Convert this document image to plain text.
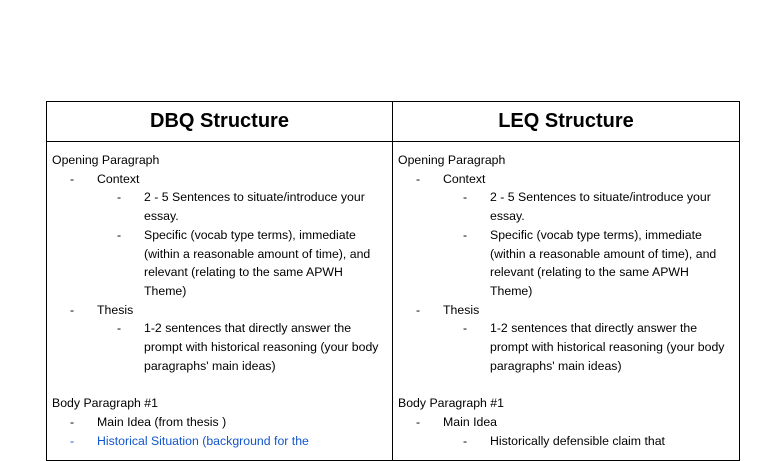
DBQ Structure
Opening Paragraph
- Context
- 2 - 5 Sentences to situate/introduce your essay.
- Specific (vocab type terms), immediate (within a reasonable amount of time), and relevant (relating to the same APWH Theme)
- Thesis
- 1-2 sentences that directly answer the prompt with historical reasoning (your body paragraphs' main ideas)
Body Paragraph #1
- Main Idea (from thesis )
- Historical Situation (background for the
LEQ Structure
Opening Paragraph
- Context
- 2 - 5 Sentences to situate/introduce your essay.
- Specific (vocab type terms), immediate (within a reasonable amount of time), and relevant (relating to the same APWH Theme)
- Thesis
- 1-2 sentences that directly answer the prompt with historical reasoning (your body paragraphs' main ideas)
Body Paragraph #1
- Main Idea
- Historically defensible claim that
